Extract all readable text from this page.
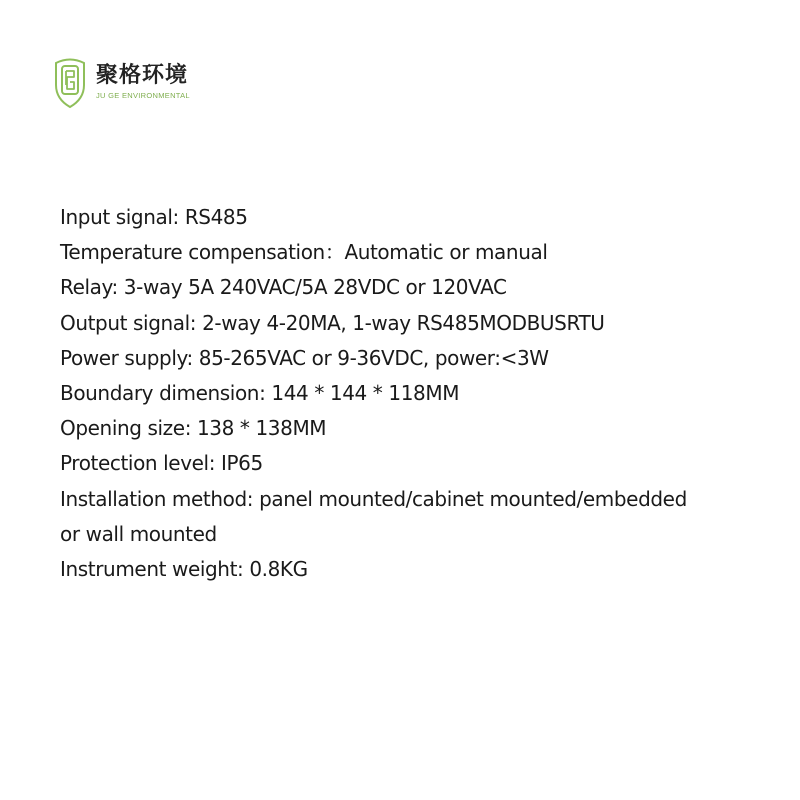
聚格环境
JU GE ENVIRONMENTAL
Input signal: RS485
Temperature compensation：Automatic or manual
Relay: 3-way 5A 240VAC/5A 28VDC or 120VAC
Output signal: 2-way 4-20MA, 1-way RS485MODBUSRTU
Power supply: 85-265VAC or 9-36VDC, power:<3W
Boundary dimension: 144 * 144 * 118MM
Opening size: 138 * 138MM
Protection level: IP65
Installation method: panel mounted/cabinet mounted/embedded
or wall mounted
Instrument weight: 0.8KG
